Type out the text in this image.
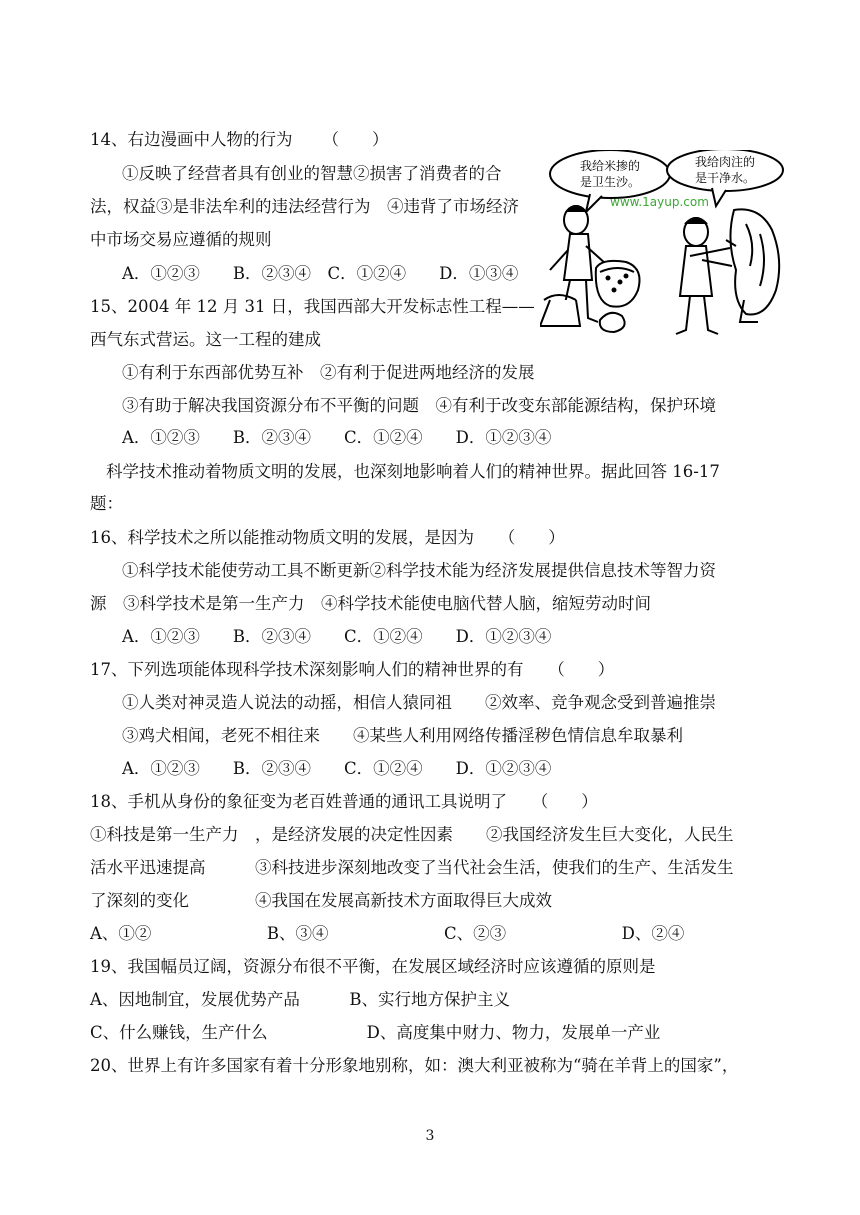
14、右边漫画中人物的行为 　　（　　）
①反映了经营者具有创业的智慧②损害了消费者的合
法，权益③是非法牟利的违法经营行为　④违背了市场经济
中市场交易应遵循的规则
A．①②③　　B．②③④　C．①②④　　D．①③④
15、2004 年 12 月 31 日，我国西部大开发标志性工程——
西气东式营运。这一工程的建成
①有利于东西部优势互补　②有利于促进两地经济的发展
③有助于解决我国资源分布不平衡的问题　④有利于改变东部能源结构，保护环境
A．①②③　　B．②③④　　C．①②④　　D．①②③④
科学技术推动着物质文明的发展，也深刻地影响着人们的精神世界。据此回答 16-17
题：
16、科学技术之所以能推动物质文明的发展，是因为　　（　　）
①科学技术能使劳动工具不断更新②科学技术能为经济发展提供信息技术等智力资
源　③科学技术是第一生产力　④科学技术能使电脑代替人脑，缩短劳动时间
A．①②③　　B．②③④　　C．①②④　　D．①②③④
17、下列选项能体现科学技术深刻影响人们的精神世界的有　　（　　）
①人类对神灵造人说法的动摇，相信人猿同祖　　②效率、竞争观念受到普遍推崇
③鸡犬相闻，老死不相往来　　④某些人利用网络传播淫秽色情信息牟取暴利
A．①②③　　B．②③④　　C．①②④　　D．①②③④
18、手机从身份的象征变为老百姓普通的通讯工具说明了　　（　　）
①科技是第一生产力　，是经济发展的决定性因素　　②我国经济发生巨大变化，人民生
活水平迅速提高　　　③科技进步深刻地改变了当代社会生活，使我们的生产、生活发生
了深刻的变化　　　　④我国在发展高新技术方面取得巨大成效
A、①②　　　　　　　B、③④　　　　　　　C、②③　　　　　　　D、②④
19、我国幅员辽阔，资源分布很不平衡，在发展区域经济时应该遵循的原则是
A、因地制宜，发展优势产品　　　B、实行地方保护主义
C、什么赚钱，生产什么　　　　　　D、高度集中财力、物力，发展单一产业
20、世界上有许多国家有着十分形象地别称，如：澳大利亚被称为“骑在羊背上的国家”，
我给米掺的
是卫生沙。
我给肉注的
是干净水。
www.1ayup.com
3
